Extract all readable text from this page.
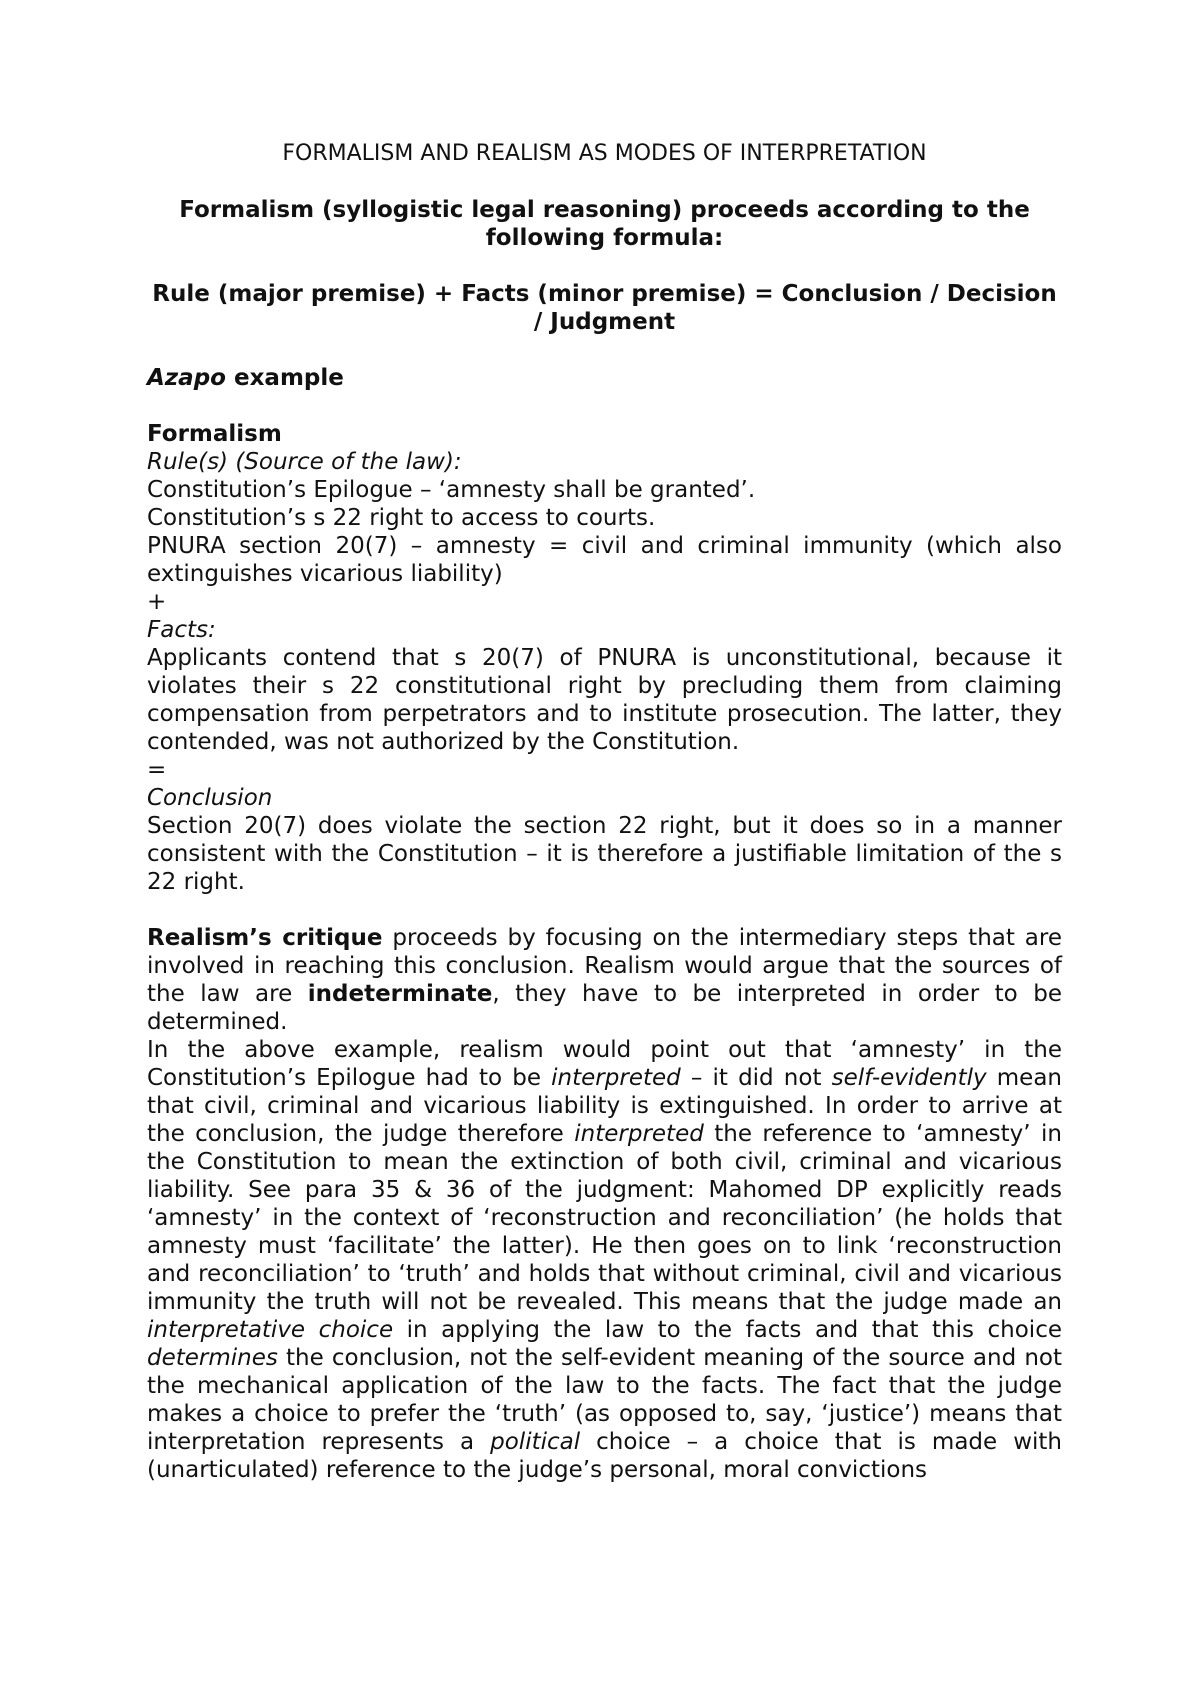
FORMALISM AND REALISM AS MODES OF INTERPRETATION

Formalism (syllogistic legal reasoning) proceeds according to the following formula:

Rule (major premise) + Facts (minor premise) = Conclusion / Decision / Judgment

Azapo example

Formalism

Rule(s) (Source of the law):

Constitution’s Epilogue – ‘amnesty shall be granted’.

Constitution’s s 22 right to access to courts.

PNURA section 20(7) – amnesty = civil and criminal immunity (which also extinguishes vicarious liability)

+

Facts:

Applicants contend that s 20(7) of PNURA is unconstitutional, because it violates their s 22 constitutional right by precluding them from claiming compensation from perpetrators and to institute prosecution. The latter, they contended, was not authorized by the Constitution.

=

Conclusion

Section 20(7) does violate the section 22 right, but it does so in a manner consistent with the Constitution – it is therefore a justifiable limitation of the s 22 right.

Realism’s critique proceeds by focusing on the intermediary steps that are involved in reaching this conclusion. Realism would argue that the sources of the law are indeterminate, they have to be interpreted in order to be determined.

In the above example, realism would point out that ‘amnesty’ in the Constitution’s Epilogue had to be interpreted – it did not self-evidently mean that civil, criminal and vicarious liability is extinguished. In order to arrive at the conclusion, the judge therefore interpreted the reference to ‘amnesty’ in the Constitution to mean the extinction of both civil, criminal and vicarious liability. See para 35 & 36 of the judgment: Mahomed DP explicitly reads ‘amnesty’ in the context of ‘reconstruction and reconciliation’ (he holds that amnesty must ‘facilitate’ the latter). He then goes on to link ‘reconstruction and reconciliation’ to ‘truth’ and holds that without criminal, civil and vicarious immunity the truth will not be revealed. This means that the judge made an interpretative choice in applying the law to the facts and that this choice determines the conclusion, not the self-evident meaning of the source and not the mechanical application of the law to the facts. The fact that the judge makes a choice to prefer the ‘truth’ (as opposed to, say, ‘justice’) means that interpretation represents a political choice – a choice that is made with (unarticulated) reference to the judge’s personal, moral convictions
